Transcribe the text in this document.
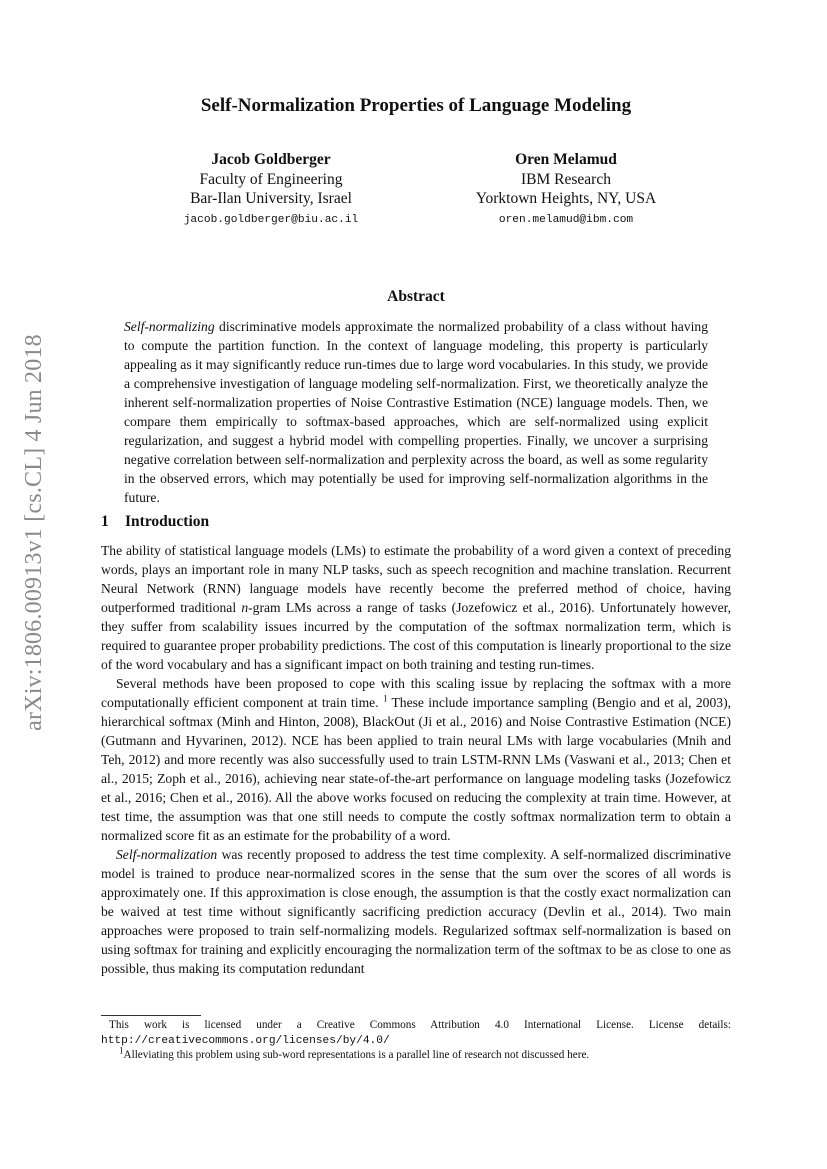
arXiv:1806.00913v1 [cs.CL] 4 Jun 2018
Self-Normalization Properties of Language Modeling
Jacob Goldberger
Faculty of Engineering
Bar-Ilan University, Israel
jacob.goldberger@biu.ac.il
Oren Melamud
IBM Research
Yorktown Heights, NY, USA
oren.melamud@ibm.com
Abstract

Self-normalizing discriminative models approximate the normalized probability of a class without having to compute the partition function. In the context of language modeling, this property is particularly appealing as it may significantly reduce run-times due to large word vocabularies. In this study, we provide a comprehensive investigation of language modeling self-normalization. First, we theoretically analyze the inherent self-normalization properties of Noise Contrastive Estimation (NCE) language models. Then, we compare them empirically to softmax-based approaches, which are self-normalized using explicit regularization, and suggest a hybrid model with compelling properties. Finally, we uncover a surprising negative correlation between self-normalization and perplexity across the board, as well as some regularity in the observed errors, which may potentially be used for improving self-normalization algorithms in the future.

1 Introduction

The ability of statistical language models (LMs) to estimate the probability of a word given a context of preceding words, plays an important role in many NLP tasks, such as speech recognition and machine translation. Recurrent Neural Network (RNN) language models have recently become the preferred method of choice, having outperformed traditional n-gram LMs across a range of tasks (Jozefowicz et al., 2016). Unfortunately however, they suffer from scalability issues incurred by the computation of the softmax normalization term, which is required to guarantee proper probability predictions. The cost of this computation is linearly proportional to the size of the word vocabulary and has a significant impact on both training and testing run-times.

Several methods have been proposed to cope with this scaling issue by replacing the softmax with a more computationally efficient component at train time. $^1$ These include importance sampling (Bengio and et al, 2003), hierarchical softmax (Minh and Hinton, 2008), BlackOut (Ji et al., 2016) and Noise Contrastive Estimation (NCE) (Gutmann and Hyvarinen, 2012). NCE has been applied to train neural LMs with large vocabularies (Mnih and Teh, 2012) and more recently was also successfully used to train LSTM-RNN LMs (Vaswani et al., 2013; Chen et al., 2015; Zoph et al., 2016), achieving near state-of-the-art performance on language modeling tasks (Jozefowicz et al., 2016; Chen et al., 2016). All the above works focused on reducing the complexity at train time. However, at test time, the assumption was that one still needs to compute the costly softmax normalization term to obtain a normalized score fit as an estimate for the probability of a word.

Self-normalization was recently proposed to address the test time complexity. A self-normalized discriminative model is trained to produce near-normalized scores in the sense that the sum over the scores of all words is approximately one. If this approximation is close enough, the assumption is that the costly exact normalization can be waived at test time without significantly sacrificing prediction accuracy (Devlin et al., 2014). Two main approaches were proposed to train self-normalizing models. Regularized softmax self-normalization is based on using softmax for training and explicitly encouraging the normalization term of the softmax to be as close to one as possible, thus making its computation redundant

This work is licensed under a Creative Commons Attribution 4.0 International License. License details: http://creativecommons.org/licenses/by/4.0/

$^1$Alleviating this problem using sub-word representations is a parallel line of research not discussed here.
